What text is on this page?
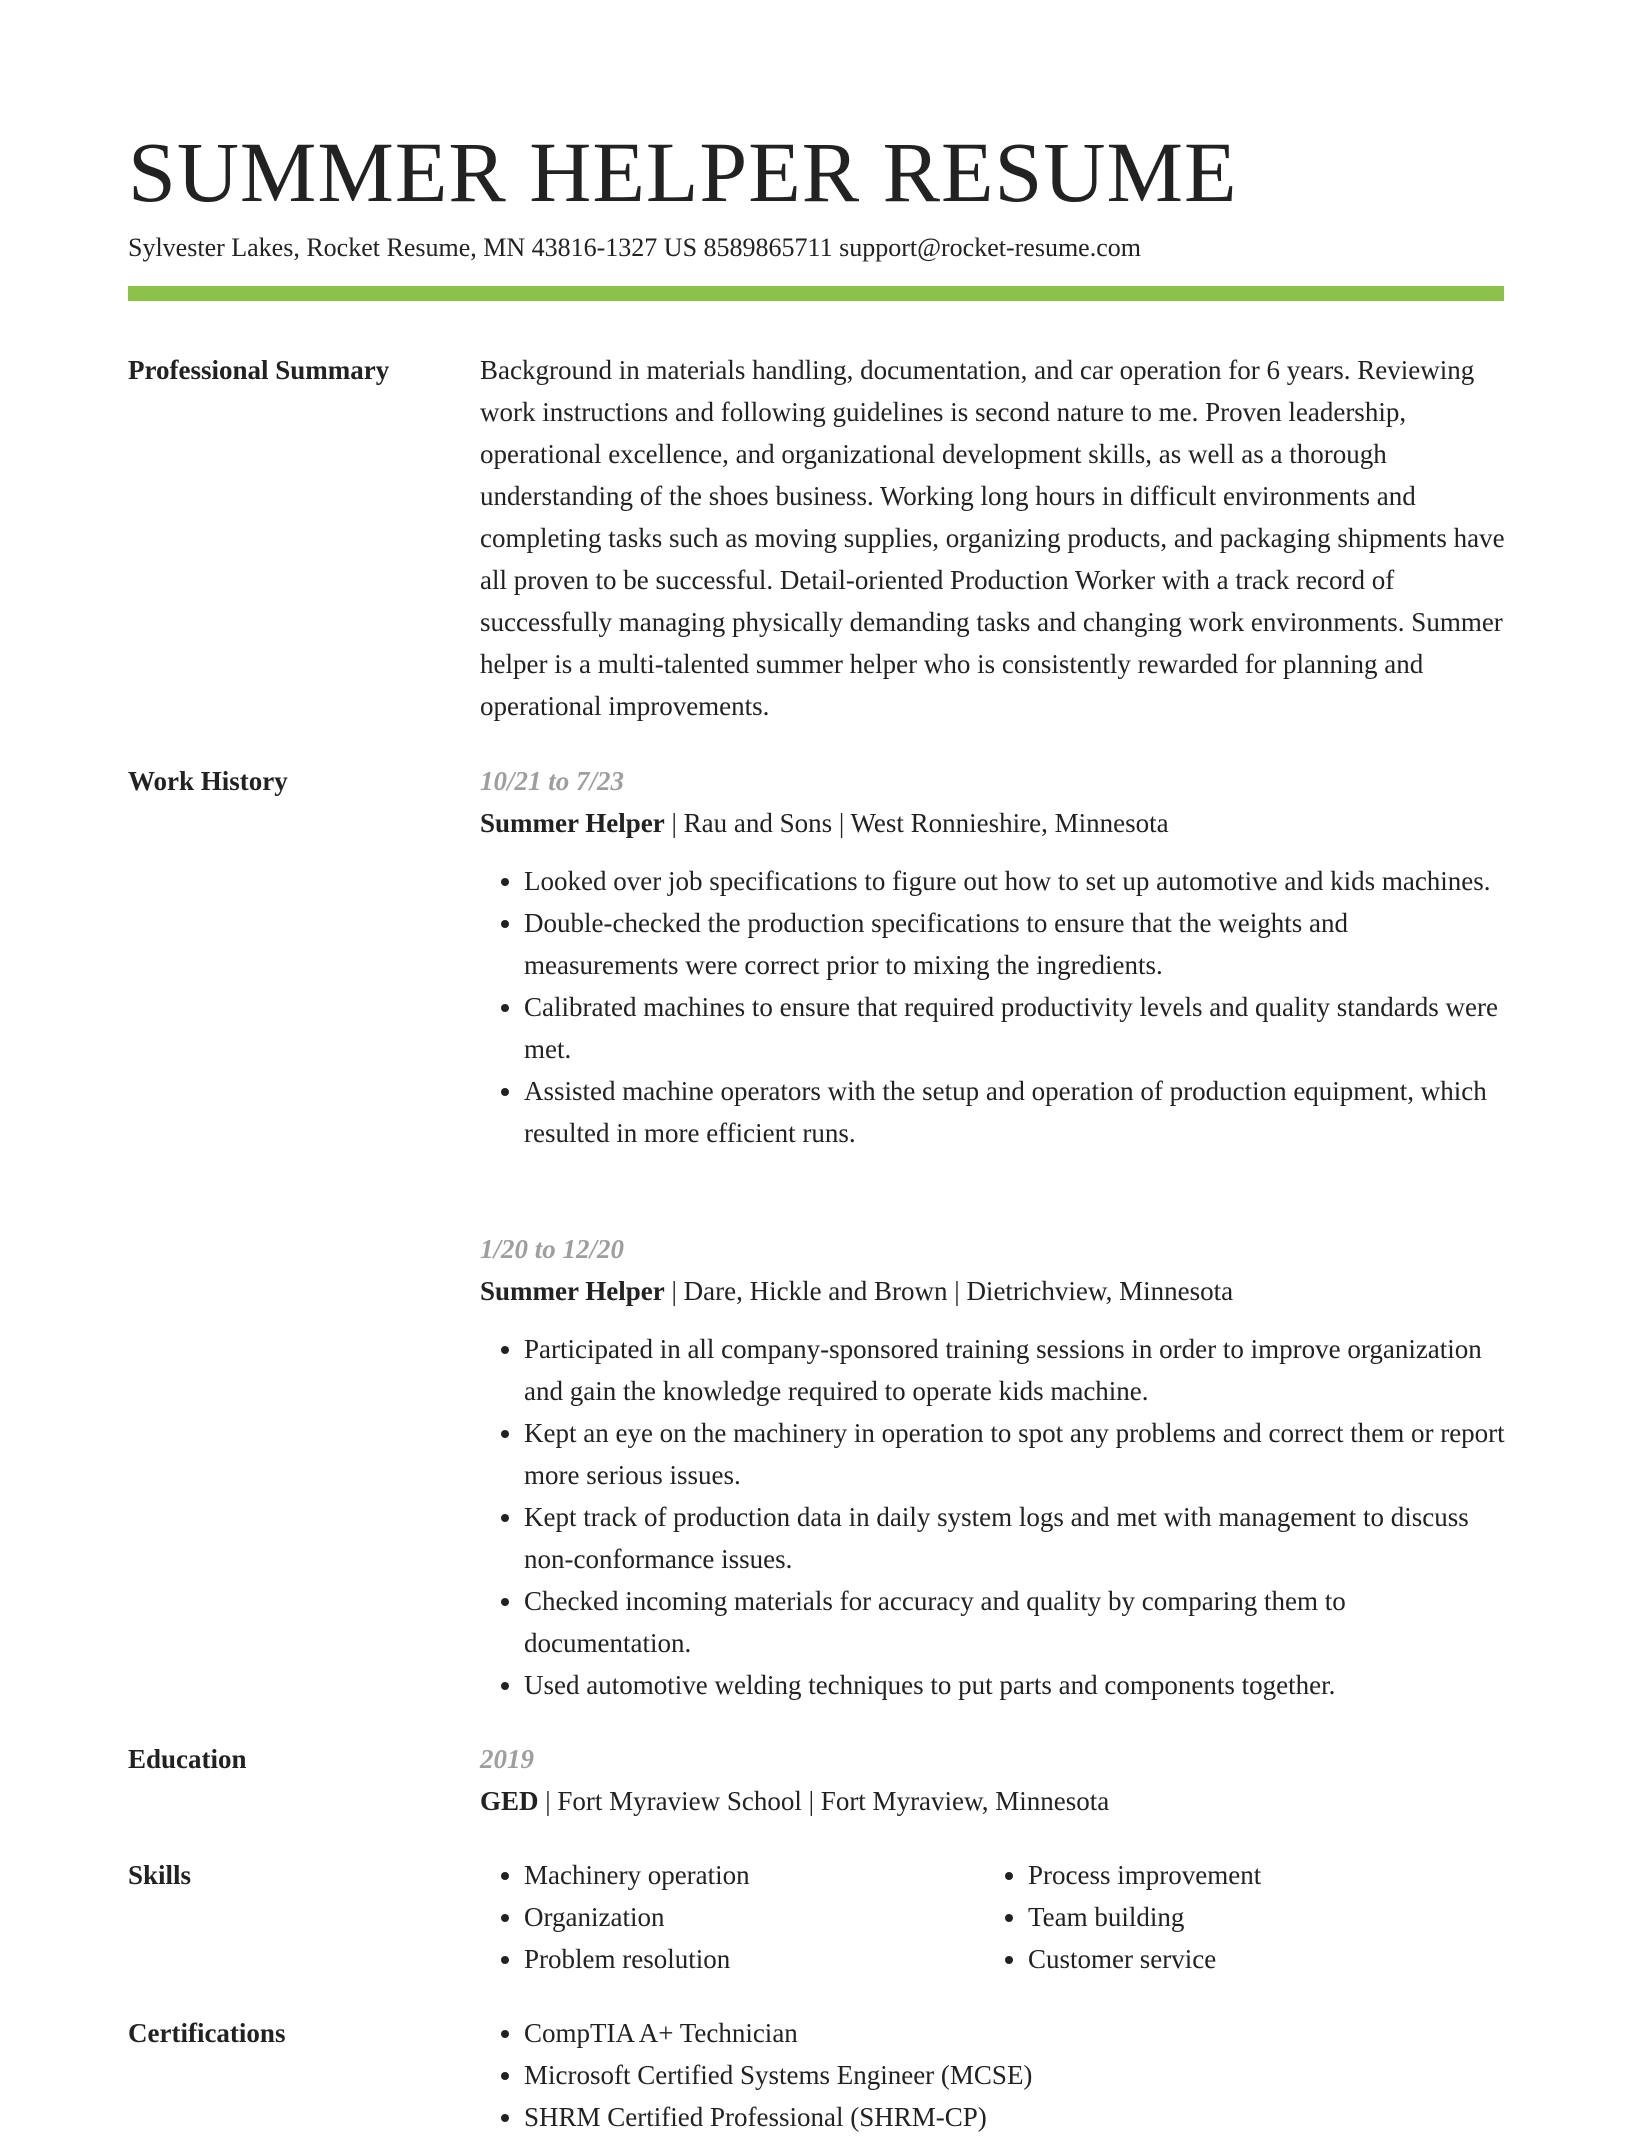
SUMMER HELPER RESUME
Sylvester Lakes, Rocket Resume, MN 43816-1327 US 8589865711 support@rocket-resume.com
Professional Summary	Background in materials handling, documentation, and car operation for 6 years. Reviewing work instructions and following guidelines is second nature to me. Proven leadership, operational excellence, and organizational development skills, as well as a thorough understanding of the shoes business. Working long hours in difficult environments and completing tasks such as moving supplies, organizing products, and packaging shipments have all proven to be successful. Detail-oriented Production Worker with a track record of successfully managing physically demanding tasks and changing work environments. Summer helper is a multi-talented summer helper who is consistently rewarded for planning and operational improvements.

Work History	10/21 to 7/23
Summer Helper | Rau and Sons | West Ronnieshire, Minnesota
• Looked over job specifications to figure out how to set up automotive and kids machines.
• Double-checked the production specifications to ensure that the weights and measurements were correct prior to mixing the ingredients.
• Calibrated machines to ensure that required productivity levels and quality standards were met.
• Assisted machine operators with the setup and operation of production equipment, which resulted in more efficient runs.
1/20 to 12/20
Summer Helper | Dare, Hickle and Brown | Dietrichview, Minnesota
• Participated in all company-sponsored training sessions in order to improve organization and gain the knowledge required to operate kids machine.
• Kept an eye on the machinery in operation to spot any problems and correct them or report more serious issues.
• Kept track of production data in daily system logs and met with management to discuss non-conformance issues.
• Checked incoming materials for accuracy and quality by comparing them to documentation.
• Used automotive welding techniques to put parts and components together.
Education	2019
GED | Fort Myraview School | Fort Myraview, Minnesota
Skills	• Machinery operation
• Organization
• Problem resolution
• Process improvement
• Team building
• Customer service
Certifications	• CompTIA A+ Technician
• Microsoft Certified Systems Engineer (MCSE)
• SHRM Certified Professional (SHRM-CP)
